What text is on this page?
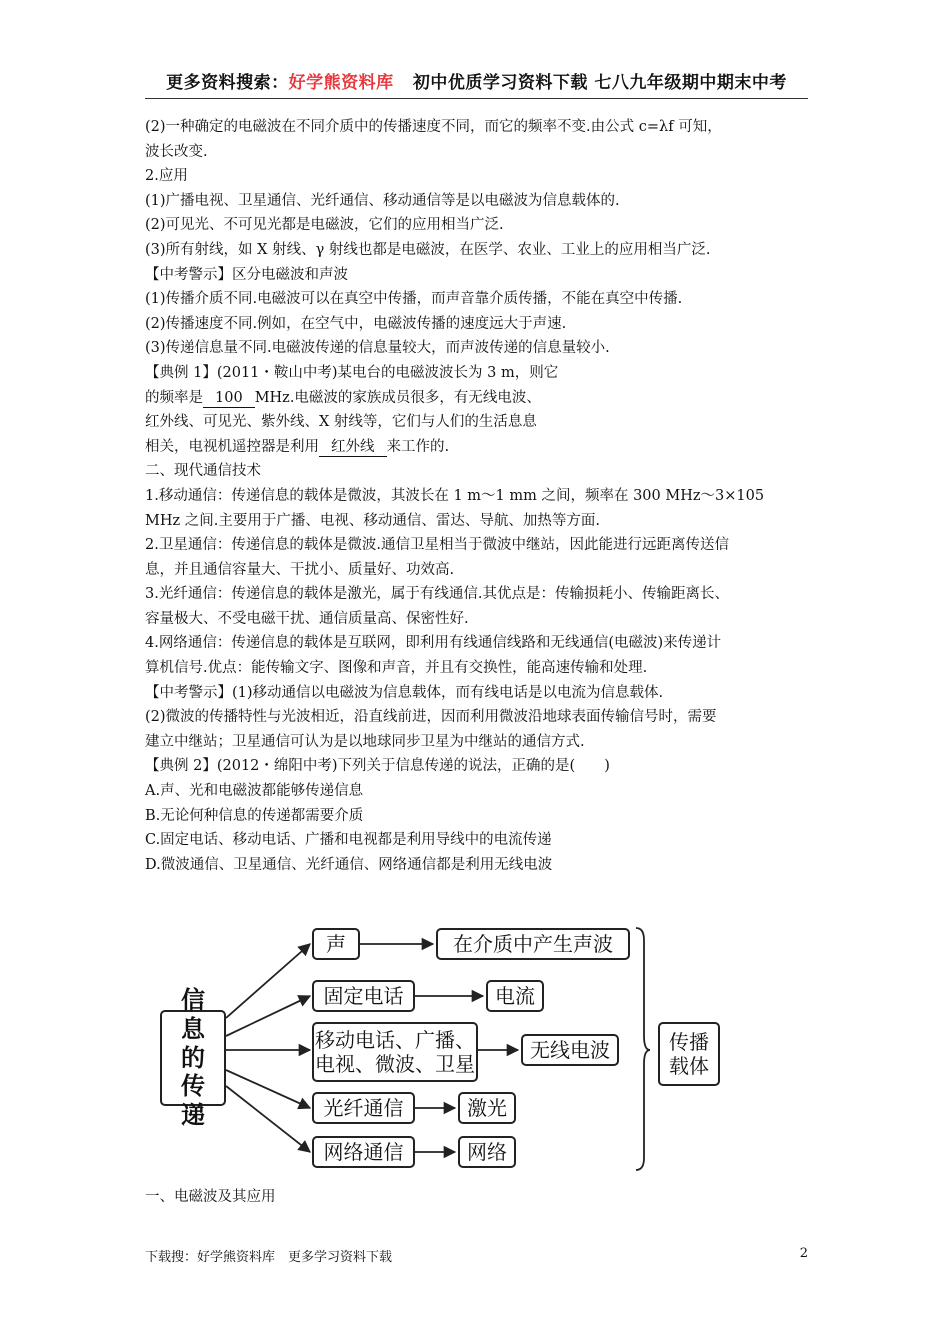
更多资料搜索：好学熊资料库 初中优质学习资料下载 七八九年级期中期末中考
(2)一种确定的电磁波在不同介质中的传播速度不同，而它的频率不变.由公式 c=λf 可知，
波长改变.
2.应用
(1)广播电视、卫星通信、光纤通信、移动通信等是以电磁波为信息载体的.
(2)可见光、不可见光都是电磁波，它们的应用相当广泛.
(3)所有射线，如 X 射线、γ 射线也都是电磁波，在医学、农业、工业上的应用相当广泛.
【中考警示】区分电磁波和声波
(1)传播介质不同.电磁波可以在真空中传播，而声音靠介质传播，不能在真空中传播.
(2)传播速度不同.例如，在空气中，电磁波传播的速度远大于声速.
(3)传递信息量不同.电磁波传递的信息量较大，而声波传递的信息量较小.
【典例 1】(2011・鞍山中考)某电台的电磁波波长为 3 m，则它
的频率是 100 MHz.电磁波的家族成员很多，有无线电波、
红外线、可见光、紫外线、X 射线等，它们与人们的生活息息
相关，电视机遥控器是利用 红外线 来工作的.
二、现代通信技术
1.移动通信：传递信息的载体是微波，其波长在 1 m～1 mm 之间，频率在 300 MHz～3×105
MHz 之间.主要用于广播、电视、移动通信、雷达、导航、加热等方面.
2.卫星通信：传递信息的载体是微波.通信卫星相当于微波中继站，因此能进行远距离传送信
息，并且通信容量大、干扰小、质量好、功效高.
3.光纤通信：传递信息的载体是激光，属于有线通信.其优点是：传输损耗小、传输距离长、
容量极大、不受电磁干扰、通信质量高、保密性好.
4.网络通信：传递信息的载体是互联网，即利用有线通信线路和无线通信(电磁波)来传递计
算机信号.优点：能传输文字、图像和声音，并且有交换性，能高速传输和处理.
【中考警示】(1)移动通信以电磁波为信息载体，而有线电话是以电流为信息载体.
(2)微波的传播特性与光波相近，沿直线前进，因而利用微波沿地球表面传输信号时，需要
建立中继站；卫星通信可认为是以地球同步卫星为中继站的通信方式.
【典例 2】(2012・绵阳中考)下列关于信息传递的说法，正确的是(　　)
A.声、光和电磁波都能够传递信息
B.无论何种信息的传递都需要介质
C.固定电话、移动电话、广播和电视都是利用导线中的电流传递
D.微波通信、卫星通信、光纤通信、网络通信都是利用无线电波
信息的传递
声	在介质中产生声波
固定电话	电流
移动电话、广播、
电视、微波、卫星
无线电波
光纤通信	激光
网络通信	网络
传播载体
一、电磁波及其应用
下载搜：好学熊资料库　更多学习资料下载	2
